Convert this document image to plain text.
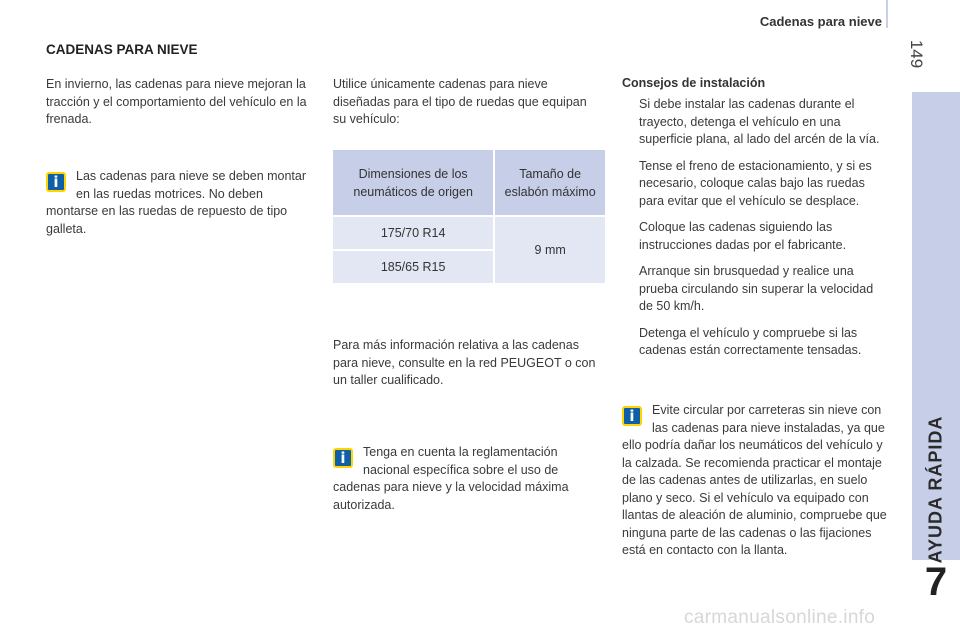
Cadenas para nieve
149
AYUDA RÁPIDA
7
CADENAS PARA NIEVE

En invierno, las cadenas para nieve mejoran la tracción y el comportamiento del vehículo en la frenada.

i	Las cadenas para nieve se deben montar en las ruedas motrices. No deben montarse en las ruedas de repuesto de tipo galleta.

Utilice únicamente cadenas para nieve diseñadas para el tipo de ruedas que equipan su vehículo:

Dimensiones de los neumáticos de origen	Tamaño de eslabón máximo
175/70 R14	9 mm
185/65 R15	

Para más información relativa a las cadenas para nieve, consulte en la red PEUGEOT o con un taller cualificado.

i	Tenga en cuenta la reglamentación nacional específica sobre el uso de cadenas para nieve y la velocidad máxima autorizada.

Consejos de instalación
Si debe instalar las cadenas durante el trayecto, detenga el vehículo en una superficie plana, al lado del arcén de la vía.
Tense el freno de estacionamiento, y si es necesario, coloque calas bajo las ruedas para evitar que el vehículo se desplace.
Coloque las cadenas siguiendo las instrucciones dadas por el fabricante.
Arranque sin brusquedad y realice una prueba circulando sin superar la velocidad de 50 km/h.
Detenga el vehículo y compruebe si las cadenas están correctamente tensadas.
i	Evite circular por carreteras sin nieve con las cadenas para nieve instaladas, ya que ello podría dañar los neumáticos del vehículo y la calzada. Se recomienda practicar el montaje de las cadenas antes de utilizarlas, en suelo plano y seco. Si el vehículo va equipado con llantas de aleación de aluminio, compruebe que ninguna parte de las cadenas o las fijaciones está en contacto con la llanta.

carmanualsonline.info
